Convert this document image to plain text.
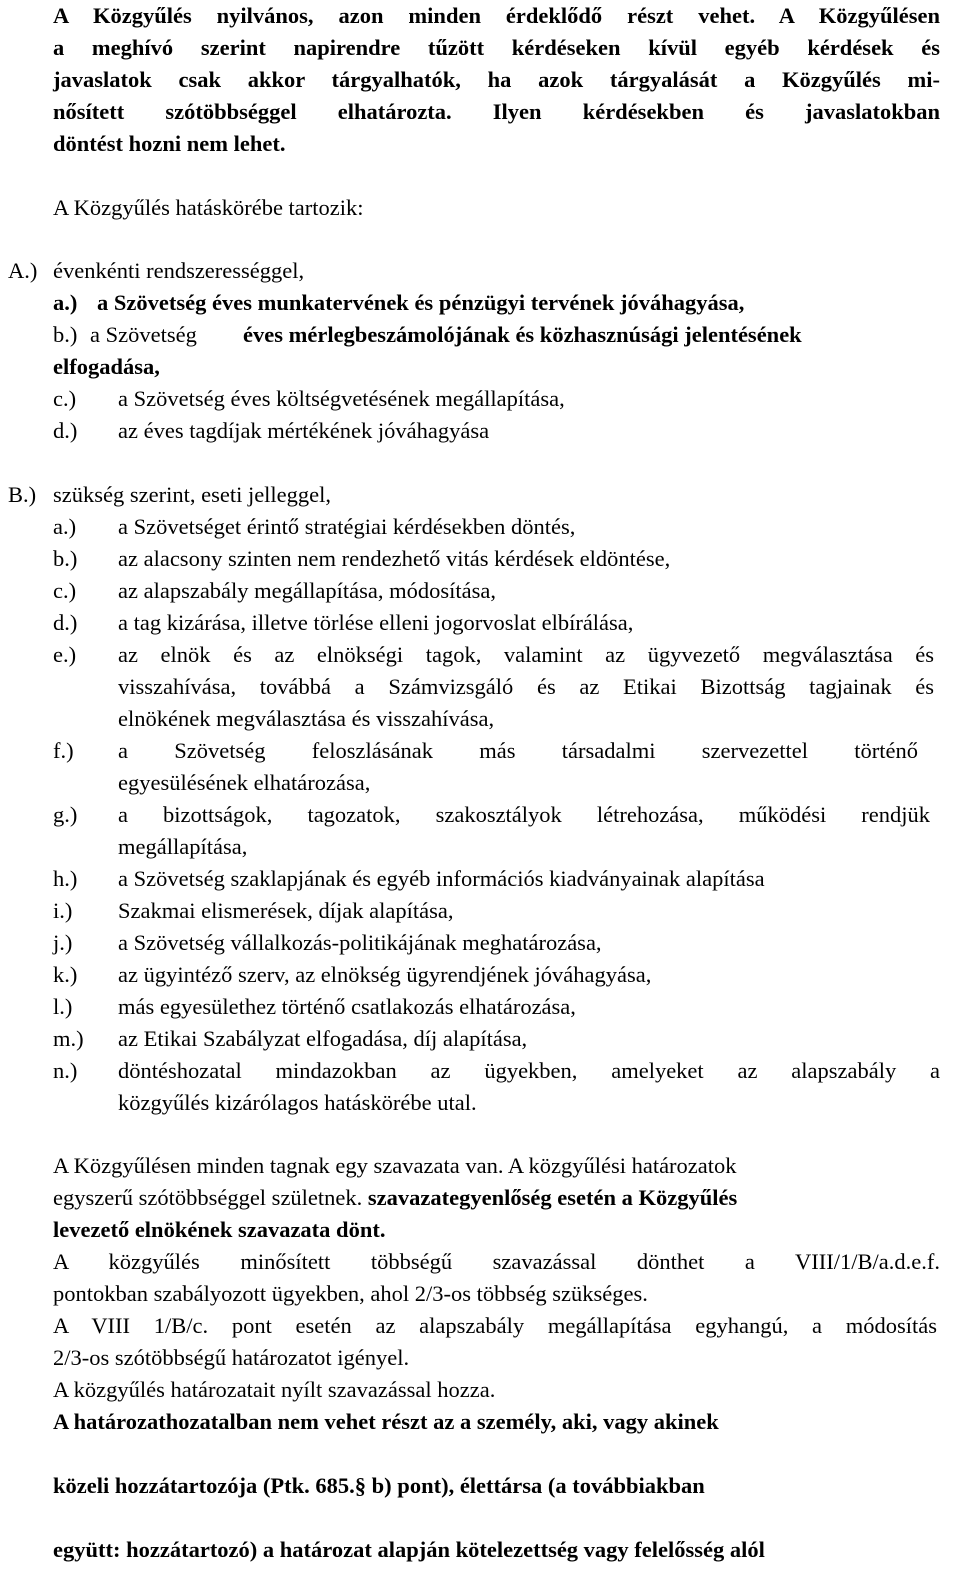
A Közgyűlés nyilvános, azon minden érdeklődő részt vehet. A Közgyűlésen
a meghívó szerint napirendre tűzött kérdéseken kívül egyéb kérdések és
javaslatok csak akkor tárgyalhatók, ha azok tárgyalását a Közgyűlés mi-
nősített szótöbbséggel elhatározta. Ilyen kérdésekben és javaslatokban
döntést hozni nem lehet.
A Közgyűlés hatáskörébe tartozik:
A.) évenkénti rendszerességgel,
a.) a Szövetség éves munkatervének és pénzügyi tervének jóváhagyása,
b.) a Szövetség éves mérlegbeszámolójának és közhasznúsági jelentésének
elfogadása,
c.) a Szövetség éves költségvetésének megállapítása,
d.) az éves tagdíjak mértékének jóváhagyása
B.) szükség szerint, eseti jelleggel,
a.) a Szövetséget érintő stratégiai kérdésekben döntés,
b.) az alacsony szinten nem rendezhető vitás kérdések eldöntése,
c.) az alapszabály megállapítása, módosítása,
d.) a tag kizárása, illetve törlése elleni jogorvoslat elbírálása,
e.) az elnök és az elnökségi tagok, valamint az ügyvezető megválasztása és
visszahívása, továbbá a Számvizsgáló és az Etikai Bizottság tagjainak és
elnökének megválasztása és visszahívása,
f.) a Szövetség feloszlásának más társadalmi szervezettel történő
egyesülésének elhatározása,
g.) a bizottságok, tagozatok, szakosztályok létrehozása, működési rendjük
megállapítása,
h.) a Szövetség szaklapjának és egyéb információs kiadványainak alapítása
i.) Szakmai elismerések, díjak alapítása,
j.) a Szövetség vállalkozás-politikájának meghatározása,
k.) az ügyintéző szerv, az elnökség ügyrendjének jóváhagyása,
l.) más egyesülethez történő csatlakozás elhatározása,
m.) az Etikai Szabályzat elfogadása, díj alapítása,
n.) döntéshozatal mindazokban az ügyekben, amelyeket az alapszabály a
közgyűlés kizárólagos hatáskörébe utal.
A Közgyűlésen minden tagnak egy szavazata van. A közgyűlési határozatok
egyszerű szótöbbséggel születnek. szavazategyenlőség esetén a Közgyűlés
levezető elnökének szavazata dönt.
A közgyűlés minősített többségű szavazással dönthet a VIII/1/B/a.d.e.f.
pontokban szabályozott ügyekben, ahol 2/3-os többség szükséges.
A VIII 1/B/c. pont esetén az alapszabály megállapítása egyhangú, a módosítás
2/3-os szótöbbségű határozatot igényel.
A közgyűlés határozatait nyílt szavazással hozza.
A határozathozatalban nem vehet részt az a személy, aki, vagy akinek
közeli hozzátartozója (Ptk. 685.§ b) pont), élettársa (a továbbiakban
együtt: hozzátartozó) a határozat alapján kötelezettség vagy felelősség alól
